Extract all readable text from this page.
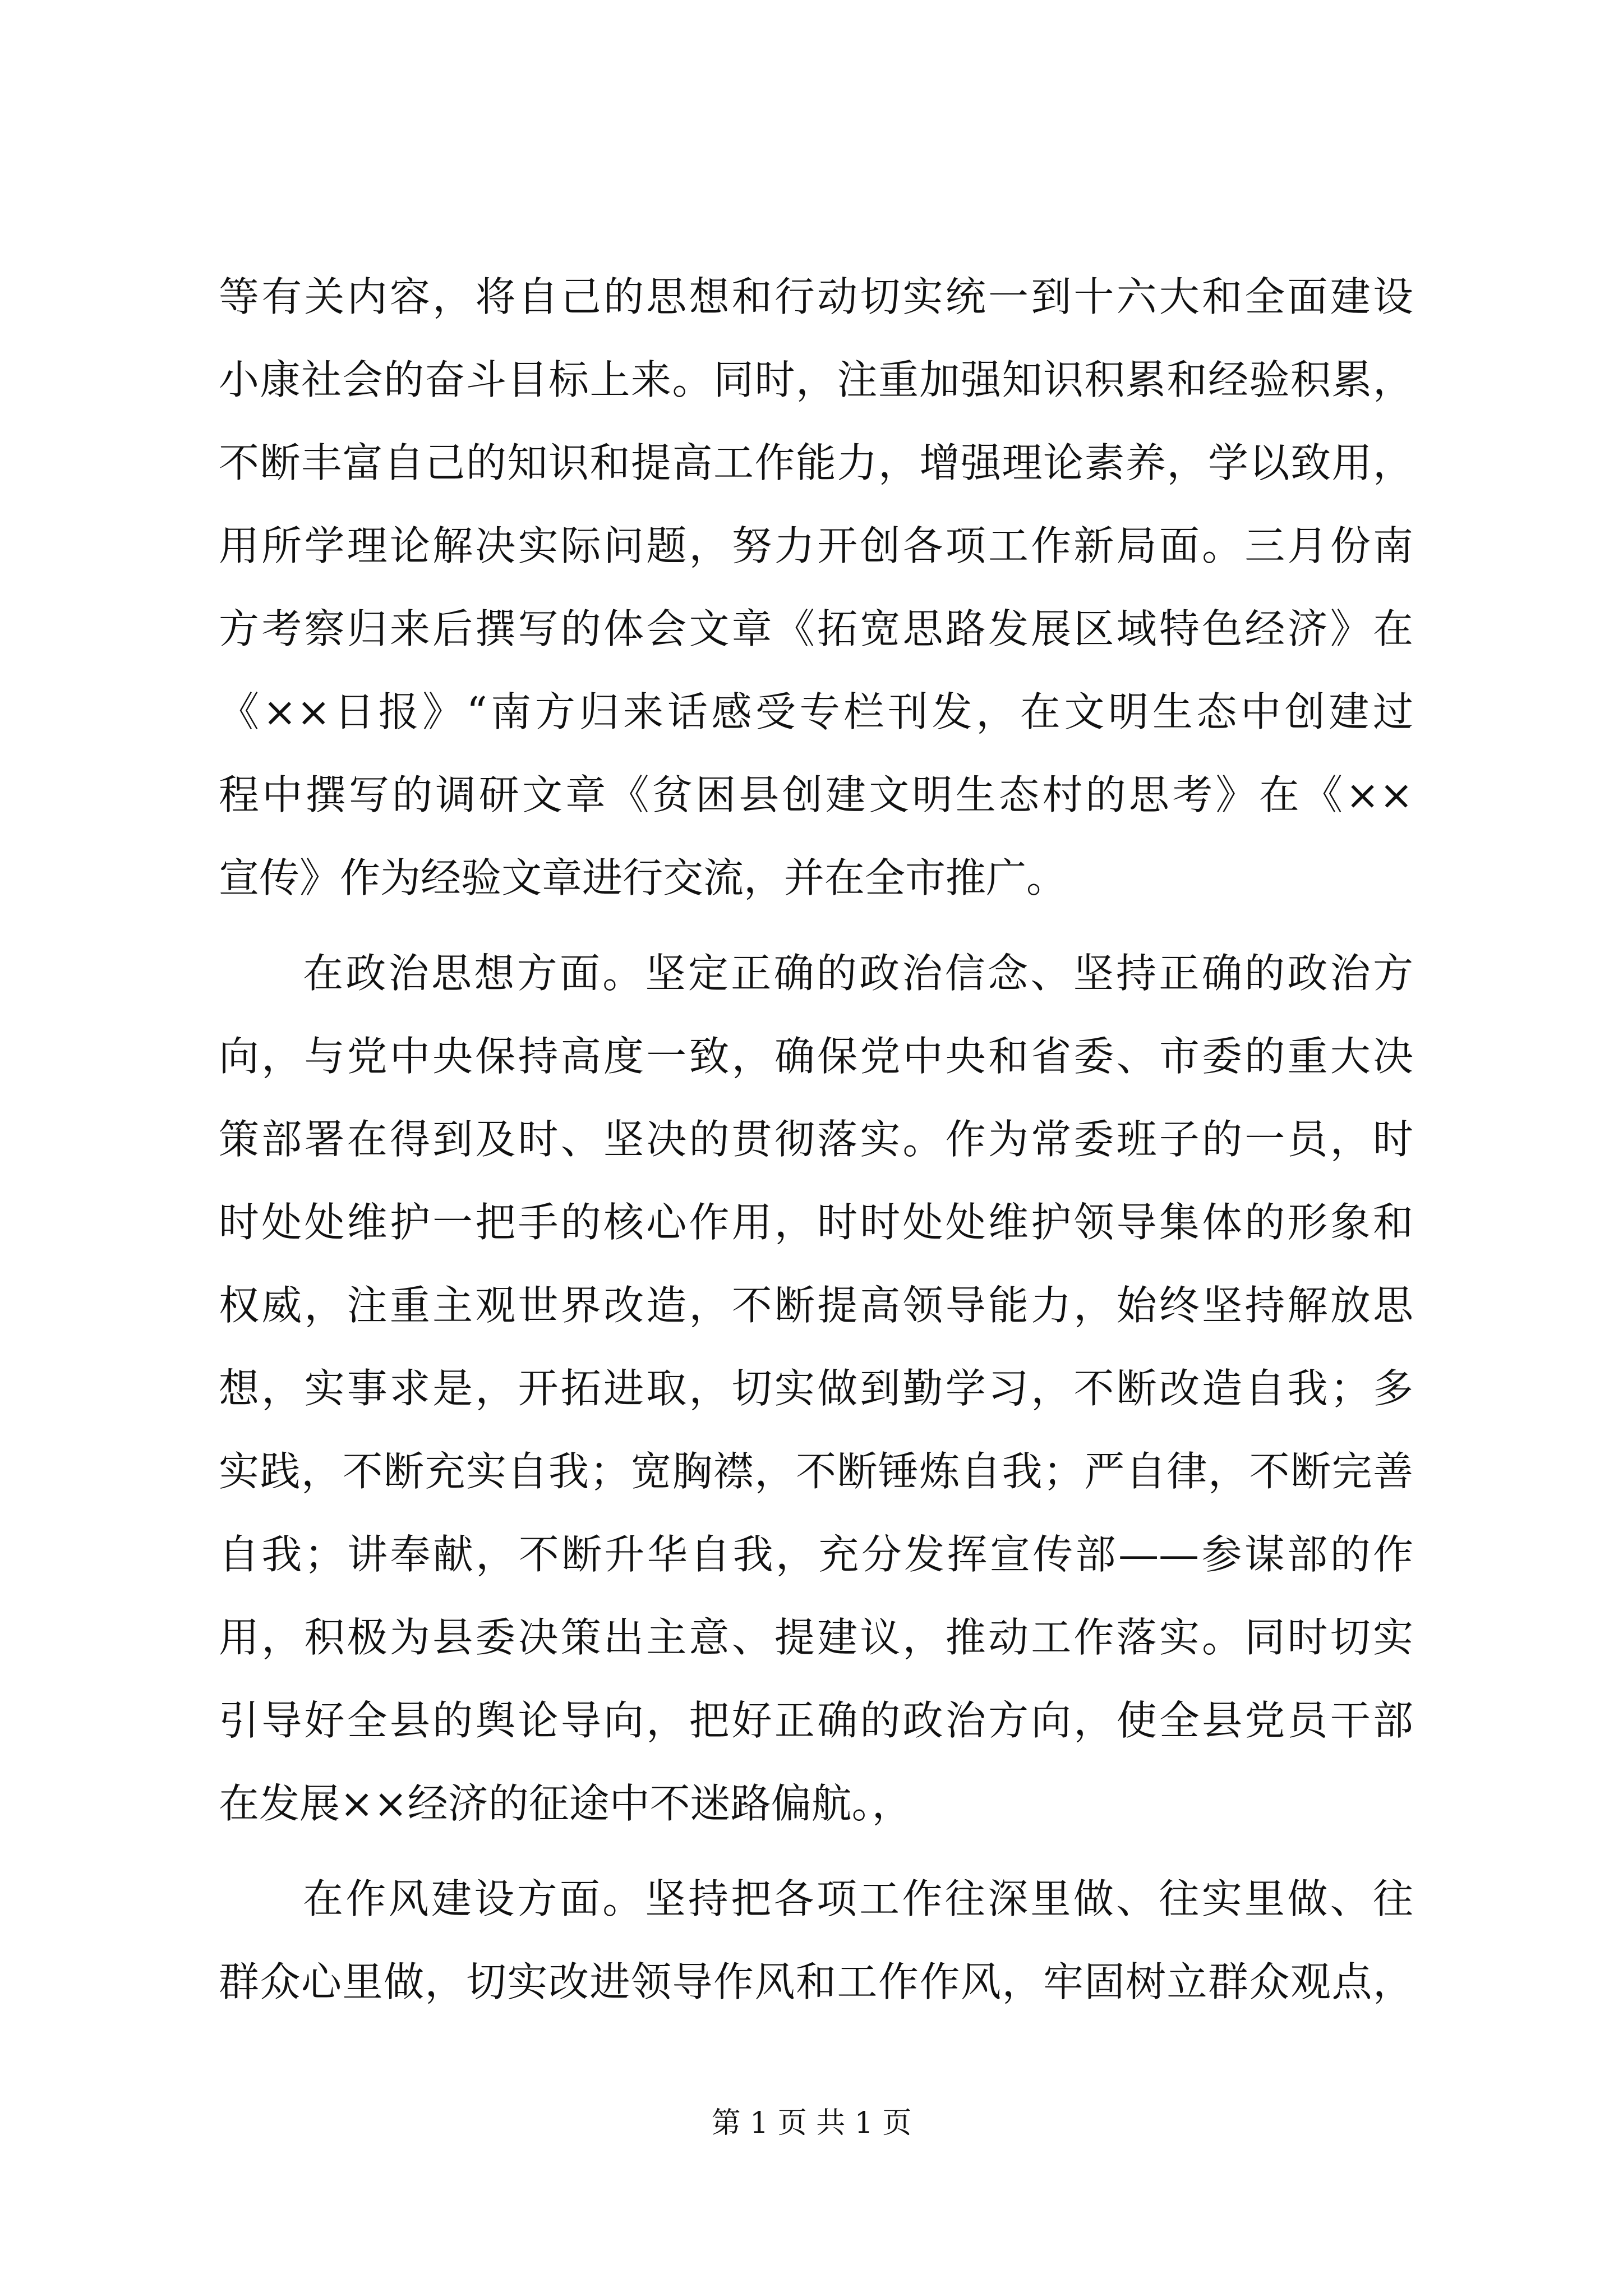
等有关内容，将自己的思想和行动切实统一到十六大和全面建设
小康社会的奋斗目标上来。同时，注重加强知识积累和经验积累，
不断丰富自己的知识和提高工作能力，增强理论素养，学以致用，
用所学理论解决实际问题，努力开创各项工作新局面。三月份南
方考察归来后撰写的体会文章《拓宽思路发展区域特色经济》在
《××日报》“南方归来话感受专栏刊发，在文明生态中创建过
程中撰写的调研文章《贫困县创建文明生态村的思考》在《××
宣传》作为经验文章进行交流，并在全市推广。
在政治思想方面。坚定正确的政治信念、坚持正确的政治方
向，与党中央保持高度一致，确保党中央和省委、市委的重大决
策部署在得到及时、坚决的贯彻落实。作为常委班子的一员，时
时处处维护一把手的核心作用，时时处处维护领导集体的形象和
权威，注重主观世界改造，不断提高领导能力，始终坚持解放思
想，实事求是，开拓进取，切实做到勤学习，不断改造自我；多
实践，不断充实自我；宽胸襟，不断锤炼自我；严自律，不断完善
自我；讲奉献，不断升华自我，充分发挥宣传部——参谋部的作
用，积极为县委决策出主意、提建议，推动工作落实。同时切实
引导好全县的舆论导向，把好正确的政治方向，使全县党员干部
在发展××经济的征途中不迷路偏航。，
在作风建设方面。坚持把各项工作往深里做、往实里做、往
群众心里做，切实改进领导作风和工作作风，牢固树立群众观点，
第 1 页 共 1 页
